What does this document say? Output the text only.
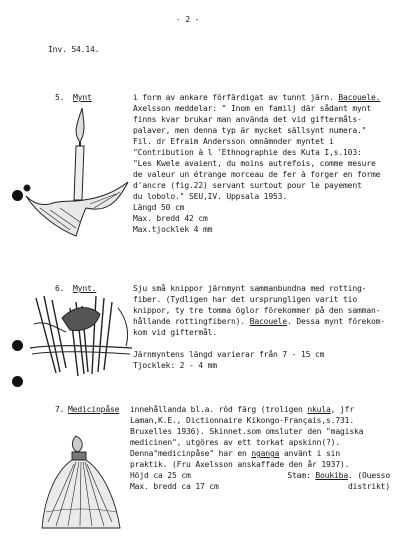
- 2 -
Inv. 54.14.
5. Mynt	i form av ankare förfärdigat av tunnt järn. Bacouele.
Axelsson meddelar: " Inom en familj där sådant mynt
finns kvar brukar man använda det vid giftermåls-
palaver, men denna typ är mycket sällsynt numera."
Fil. dr Efraim Andersson omnämnder myntet i
"Contribution à l 'Ethnographie des Kuta I,s.103:
"Les Kwele avaient, du moins autrefois, comme mesure
de valeur un étrange morceau de fer à forger en forme
d'ancre (fig.22) servant surtout pour le payement
du lobolo." SEU,IV. Uppsala 1953.
Längd 50 cm
Max. bredd 42 cm
Max.tjocklek 4 mm
6. Mynt.	Sju små knippor järnmynt sammanbundna med rotting-
fiber. (Tydligen har det ursprungligen varit tio
knippor, ty tre tomma öglor förekommer på den samman-
hållande rottingfibern). Bacouele. Dessa mynt förekom-
kom vid giftermål.

Järnmyntens längd varierar från 7 - 15 cm
Tjocklek: 2 - 4 mm
7. Medicinpåse innehållanda bl.a. röd färg (troligen nkula, jfr
Laman,K.E., Dictionnaire Kikongo-Français,s.731.
Bruxelles 1936). Skinnet.som omsluter den "magiska
medicinen", utgöres av ett torkat apskinn(?).
Denna"medicinpåse" har en nganga använt i sin
praktik. (Fru Axelsson anskaffade den år 1937).
Höjd ca 25 cm
Max. bredd ca 17 cm
Stam: Boukiba. (Ouesso
distrikt)
